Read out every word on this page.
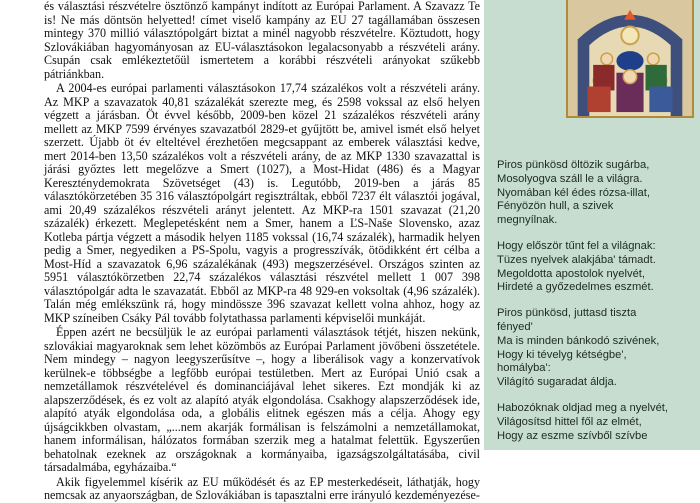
és választási részvételre ösztönző kampányt indított az Európai Parlament. A Szavazz Te is! Ne más döntsön helyetted! címet viselő kampány az EU 27 tagállamában összesen mintegy 370 millió választópolgárt biztat a minél nagyobb részvételre. Köztudott, hogy Szlovákiában hagyományosan az EU-választásokon legalacsonyabb a részvételi arány. Csupán csak emlékeztetőül ismertetem a korábbi részvételi arányokat szűkebb pátriánkban.

A 2004-es európai parlamenti választásokon 17,74 százalékos volt a részvételi arány. Az MKP a szavazatok 40,81 százalékát szerezte meg, és 2598 vokssal az első helyen végzett a járásban. Öt évvel később, 2009-ben közel 21 százalékos részvételi arány mellett az MKP 7599 érvényes szavazatból 2829-et gyűjtött be, amivel ismét első helyet szerzett. Újabb öt év elteltével érezhetően megcsappant az emberek választási kedve, mert 2014-ben 13,50 százalékos volt a részvételi arány, de az MKP 1330 szavazattal is járási győztes lett megelőzve a Smert (1027), a Most-Hidat (486) és a Magyar Kereszténydemokrata Szövetséget (43) is. Legutóbb, 2019-ben a járás 85 választókörzetében 35 316 választópolgárt regisztráltak, ebből 7237 élt választói jogával, ami 20,49 százalékos részvételi arányt jelentett. Az MKP-ra 1501 szavazat (21,20 százalék) érkezett. Meglepetésként nem a Smer, hanem a ĽS-Naše Slovensko, azaz Kotleba pártja végzett a második helyen 1185 vokssal (16,74 százalék), harmadik helyen pedig a Smer, negyediken a PS-Spolu, vagyis a progresszívák, ötödikként ért célba a Most-Híd a szavazatok 6,96 százalékának (493) megszerzésével. Országos szinten az 5951 választókörzetben 22,74 százalékos választási részvétel mellett 1 007 398 választópolgár adta le szavazatát. Ebből az MKP-ra 48 929-en voksoltak (4,96 százalék). Talán még emlékszünk rá, hogy mindössze 396 szavazat kellett volna ahhoz, hogy az MKP színeiben Csáky Pál tovább folytathassa parlamenti képviselői munkáját.

Éppen azért ne becsüljük le az európai parlamenti választások tétjét, hiszen nekünk, szlovákiai magyaroknak sem lehet közömbös az Európai Parlament jövőbeni összetétele. Nem mindegy – nagyon leegyszerűsítve –, hogy a liberálisok vagy a konzervatívok kerülnek-e többségbe a legfőbb európai testületben. Mert az Európai Unió csak a nemzetállamok részvételével és dominanciájával lehet sikeres. Ezt mondják ki az alapszerződések, és ez volt az alapító atyák elgondolása. Csakhogy alapszerződések ide, alapító atyák elgondolása oda, a globális elitnek egészen más a célja. Ahogy egy újságcikkben olvastam, „...nem akarják formálisan is felszámolni a nemzetállamokat, hanem informálisan, hálózatos formában szerzik meg a hatalmat felettük. Egyszerűen behatolnak ezeknek az országoknak a kormányaiba, igazságszolgáltatásába, civil társadalmába, egyházaiba.“

Akik figyelemmel kísérik az EU működését és az EP mesterkedéseit, láthatják, hogy nemcsak az anyaországban, de Szlovákiában is tapasztalni erre irányuló kezdeményezése-

Piros pünkösd öltözik sugárba,
Mosolyogva száll le a világra.
Nyomában kél édes rózsa-illat,
Fényözön hull, a szivek
megnyílnak.
Hogy először tűnt fel a világnak:
Tüzes nyelvek alakjába' támadt.
Megoldotta apostolok nyelvét,
Hirdeté a győzedelmes eszmét.
Piros pünkösd, juttasd tiszta
fényed'
Ma is minden bánkodó szivének,
Hogy ki tévelyg kétségbe',
homályba':
Világító sugaradat áldja.
Habozóknak oldjad meg a nyelvét,
Világosítsd hittel fől az elmét,
Hogy az eszme szívből szívbe
